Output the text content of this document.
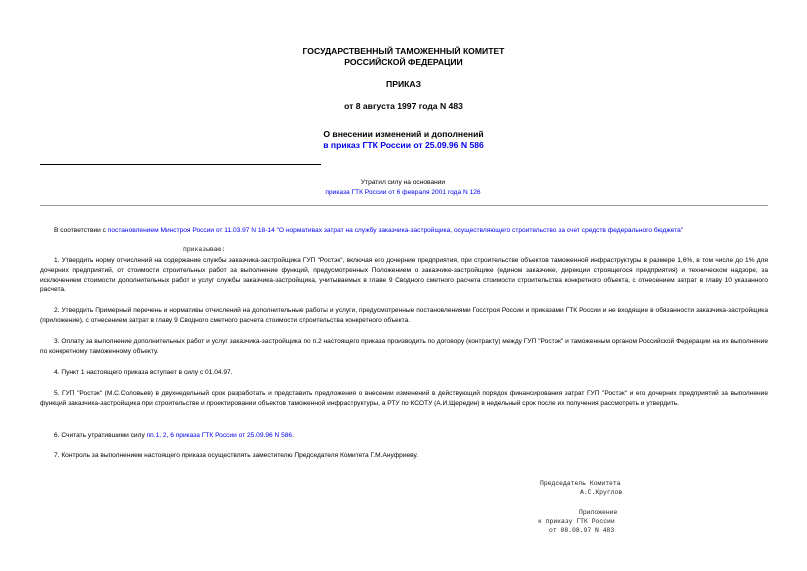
ГОСУДАРСТВЕННЫЙ ТАМОЖЕННЫЙ КОМИТЕТ
РОССИЙСКОЙ ФЕДЕРАЦИИ
ПРИКАЗ
от 8 августа 1997 года N 483
О внесении изменений и дополнений
в приказ ГТК России от 25.09.96 N 586
Утратил силу на основании
приказа ГТК России от 6 февраля 2001 года N 126
В соответствии с постановлением Минстроя России от 11.03.97 N 18-14 "О нормативах затрат на службу заказчика-застройщика, осуществляющего строительство за счет средств федерального бюджета"
приказываю:
1. Утвердить норму отчислений на содержание службы заказчика-застройщика ГУП "Ростэк", включая его дочерние предприятия, при строительстве объектов таможенной инфраструктуры в размере 1,6%, в том числе до 1% для дочерних предприятий, от стоимости строительных работ за выполнение функций, предусмотренных Положением о заказчике-застройщике (едином заказчике, дирекции строящегося предприятия) и техническом надзоре, за исключением стоимости дополнительных работ и услуг службы заказчика-застройщика, учитываемых в главе 9 Сводного сметного расчета стоимости строительства конкретного объекта, с отнесением затрат в главу 10 указанного расчета.
2. Утвердить Примерный перечень и нормативы отчислений на дополнительные работы и услуги, предусмотренные постановлениями Госстроя России и приказами ГТК России и не входящие в обязанности заказчика-застройщика (приложение), с отнесением затрат в главу 9 Сводного сметного расчета стоимости строительства конкретного объекта.
3. Оплату за выполнение дополнительных работ и услуг заказчика-застройщика по п.2 настоящего приказа производить по договору (контракту) между ГУП "Ростэк" и таможенным органом Российской Федерации на их выполнение по конкретному таможенному объекту.
4. Пункт 1 настоящего приказа вступает в силу с 01.04.97.
5. ГУП "Ростэк" (М.С.Соловьев) в двухнедельный срок разработать и представить предложения о внесении изменений в действующий порядок финансирования затрат ГУП "Ростэк" и его дочерних предприятий за выполнение функций заказчика-застройщика при строительстве и проектировании объектов таможенной инфраструктуры, а РТУ по КСОТУ (А.И.Щередин) в недельный срок после их получения рассмотреть и утвердить.
6. Считать утратившими силу пп.1, 2, 6 приказа ГТК России от 25.09.96 N 586.
7. Контроль за выполнением настоящего приказа осуществлять заместителю Председателя Комитета Г.М.Ануфриеву.
Председатель Комитета
А.С.Круглов
Приложение
к приказу ГТК России
от 08.08.97 N 483
